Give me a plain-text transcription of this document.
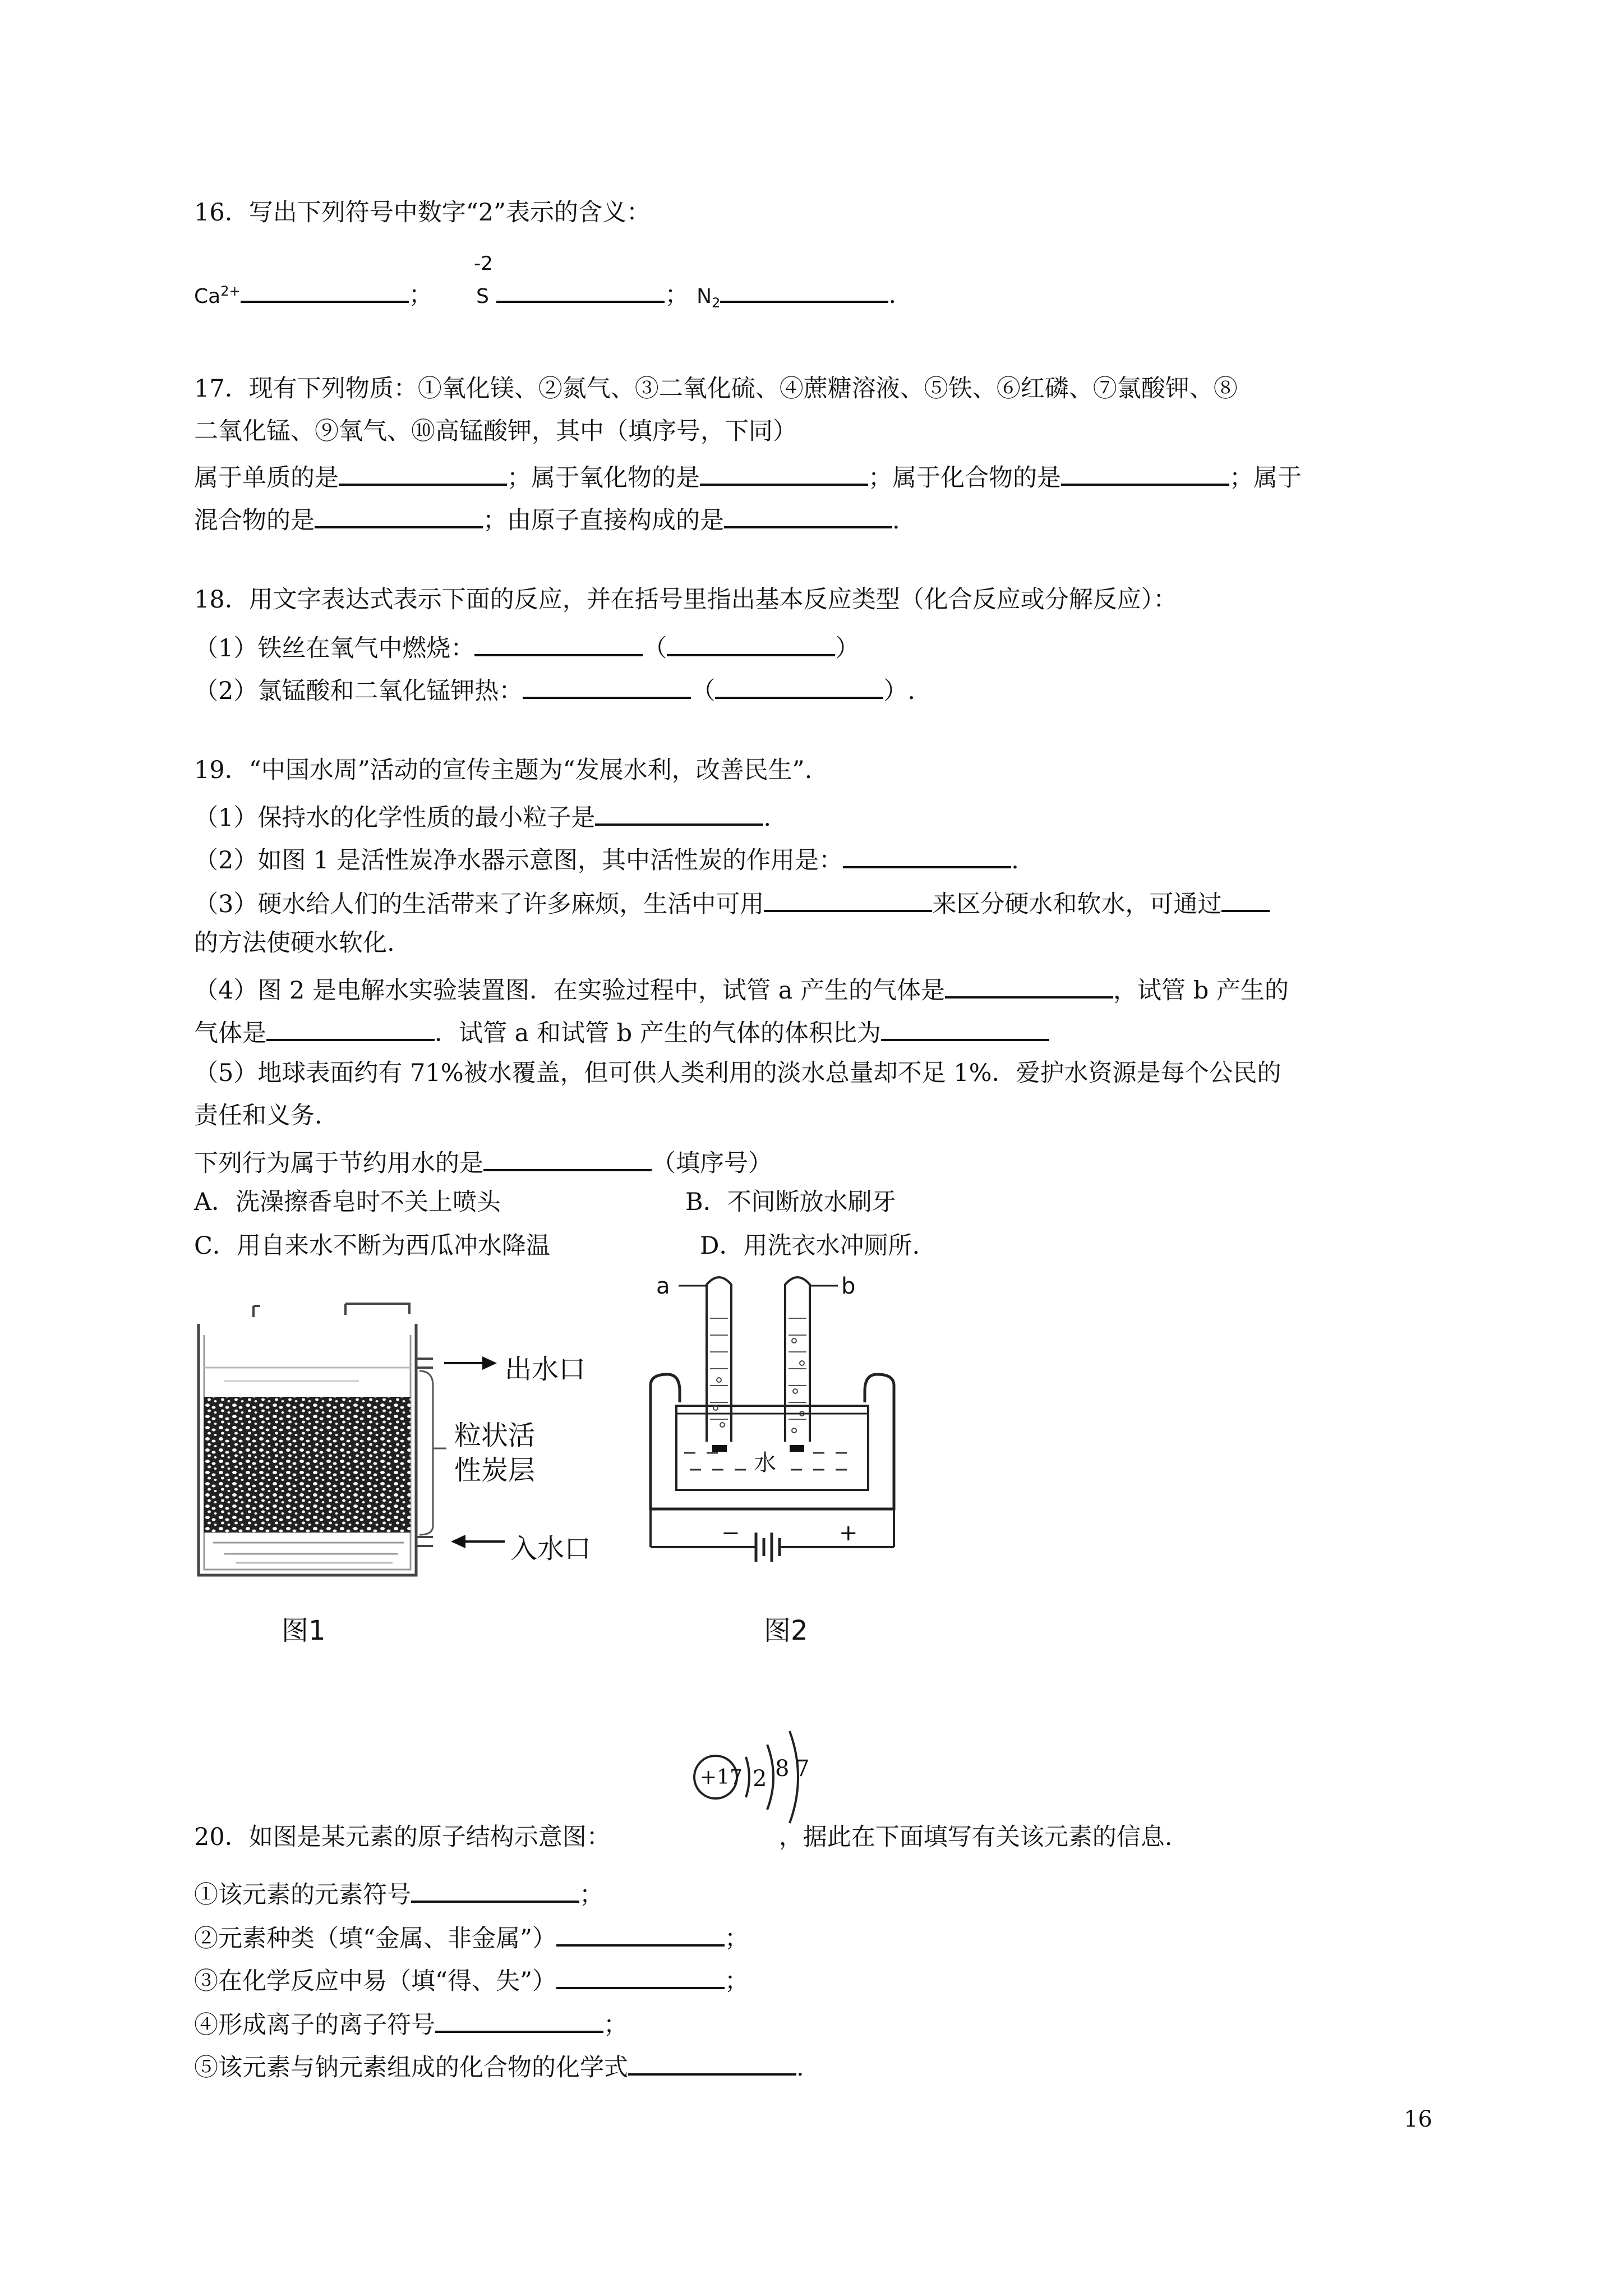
16．写出下列符号中数字“2”表示的含义：
$Ca^{2+}$	；
-2
S	； $N_2$	.
17．现有下列物质：①氧化镁、②氮气、③二氧化硫、④蔗糖溶液、⑤铁、⑥红磷、⑦氯酸钾、⑧
二氧化锰、⑨氧气、⑩高锰酸钾，其中（填序号，下同）
属于单质的是	；属于氧化物的是	；属于化合物的是	；属于
混合物的是	；由原子直接构成的是	.
18．用文字表达式表示下面的反应，并在括号里指出基本反应类型（化合反应或分解反应）：
（1）铁丝在氧气中燃烧：	（	）
（2）氯锰酸和二氧化锰钾热：	（	）.
19．“中国水周”活动的宣传主题为“发展水利，改善民生”.
（1）保持水的化学性质的最小粒子是	.
（2）如图 1 是活性炭净水器示意图，其中活性炭的作用是：	.
（3）硬水给人们的生活带来了许多麻烦，生活中可用	来区分硬水和软水，可通过
的方法使硬水软化.
（4）图 2 是电解水实验装置图．在实验过程中，试管 a 产生的气体是	，试管 b 产生的
气体是	．试管 a 和试管 b 产生的气体的体积比为
（5）地球表面约有 71%被水覆盖，但可供人类利用的淡水总量却不足 1%．爱护水资源是每个公民的
责任和义务．
下列行为属于节约用水的是	（填序号）
A．洗澡擦香皂时不关上喷头	B．不间断放水刷牙
C．用自来水不断为西瓜冲水降温	D．用洗衣水冲厕所.
出水口
粒状活
性炭层
入水口
图1
a	b
水
−	+
图2
20．如图是某元素的原子结构示意图：	，据此在下面填写有关该元素的信息.
+17 2 8 7
①该元素的元素符号	；
②元素种类（填“金属、非金属”）	；
③在化学反应中易（填“得、失”）	；
④形成离子的离子符号	；
⑤该元素与钠元素组成的化合物的化学式	.
16
